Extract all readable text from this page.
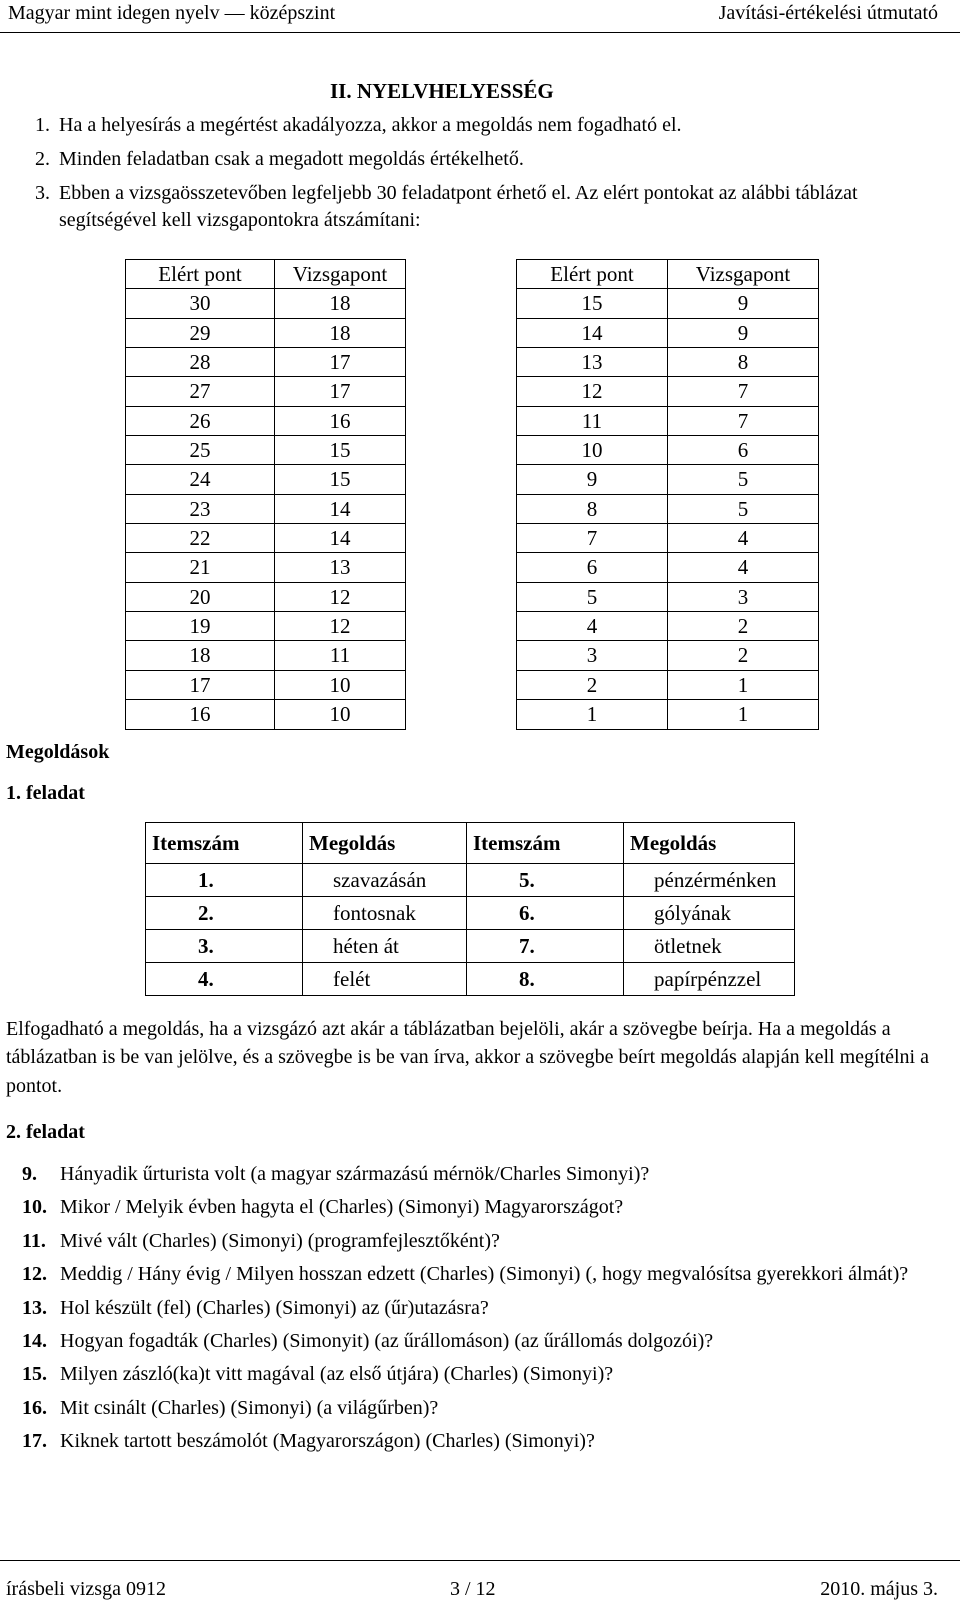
Magyar mint idegen nyelv — középszint	Javítási-értékelési útmutató
II. NYELVHELYESSÉG
1. Ha a helyesírás a megértést akadályozza, akkor a megoldás nem fogadható el.
2. Minden feladatban csak a megadott megoldás értékelhető.
3. Ebben a vizsgaösszetevőben legfeljebb 30 feladatpont érhető el. Az elért pontokat az alábbi táblázat segítségével kell vizsgapontokra átszámítani:
Elért pont	Vizsgapont		Elért pont	Vizsgapont
30	18		15	9
29	18		14	9
28	17		13	8
27	17		12	7
26	16		11	7
25	15		10	6
24	15		9	5
23	14		8	5
22	14		7	4
21	13		6	4
20	12		5	3
19	12		4	2
18	11		3	2
17	10		2	1
16	10		1	1
Megoldások
1. feladat
Itemszám	Megoldás	Itemszám	Megoldás
1.	szavazásán	5.	pénzérménken
2.	fontosnak	6.	gólyának
3.	héten át	7.	ötletnek
4.	felét	8.	papírpénzzel
Elfogadható a megoldás, ha a vizsgázó azt akár a táblázatban bejelöli, akár a szövegbe beírja. Ha a megoldás a táblázatban is be van jelölve, és a szövegbe is be van írva, akkor a szövegbe beírt megoldás alapján kell megítélni a pontot.
2. feladat
9. Hányadik űrturista volt (a magyar származású mérnök/Charles Simonyi)?
10. Mikor / Melyik évben hagyta el (Charles) (Simonyi) Magyarországot?
11. Mivé vált (Charles) (Simonyi) (programfejlesztőként)?
12. Meddig / Hány évig / Milyen hosszan edzett (Charles) (Simonyi) (, hogy megvalósítsa gyerekkori álmát)?
13. Hol készült (fel) (Charles) (Simonyi) az (űr)utazásra?
14. Hogyan fogadták (Charles) (Simonyit) (az űrállomáson) (az űrállomás dolgozói)?
15. Milyen zászló(ka)t vitt magával (az első útjára) (Charles) (Simonyi)?
16. Mit csinált (Charles) (Simonyi) (a világűrben)?
17. Kiknek tartott beszámolót (Magyarországon) (Charles) (Simonyi)?
írásbeli vizsga 0912	3 / 12	2010. május 3.
